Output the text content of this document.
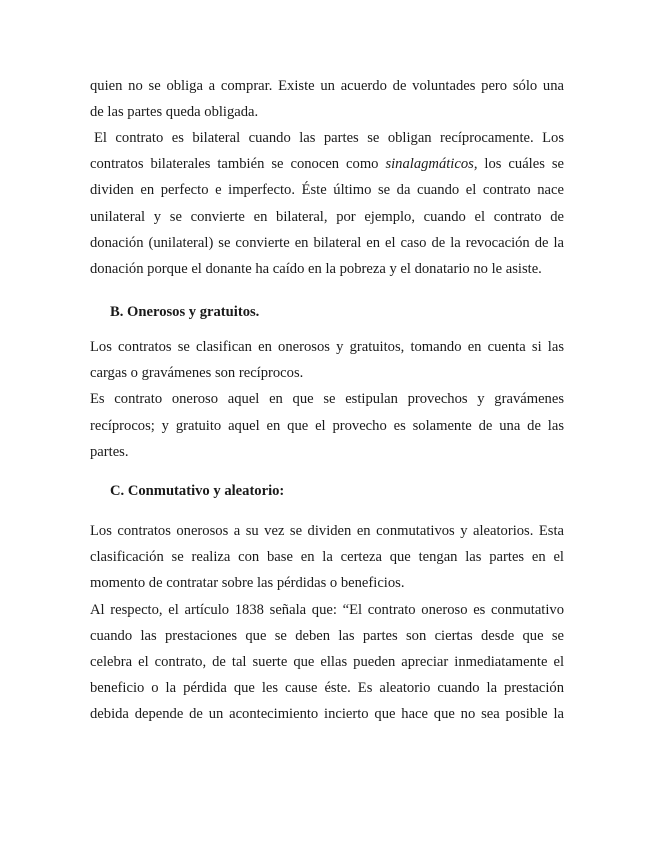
quien no se obliga a comprar. Existe un acuerdo de voluntades pero sólo una
de las partes queda obligada.
El contrato es bilateral cuando las partes se obligan recíprocamente. Los
contratos bilaterales también se conocen como sinalagmáticos, los cuáles se
dividen en perfecto e imperfecto. Éste último se da cuando el contrato nace
unilateral y se convierte en bilateral, por ejemplo, cuando el contrato de
donación (unilateral) se convierte en bilateral en el caso de la revocación de la
donación porque el donante ha caído en la pobreza y el donatario no le asiste.
B. Onerosos y gratuitos.
Los contratos se clasifican en onerosos y gratuitos, tomando en cuenta si las
cargas o gravámenes son recíprocos.
Es contrato oneroso aquel en que se estipulan provechos y gravámenes
recíprocos; y gratuito aquel en que el provecho es solamente de una de las
partes.
C. Conmutativo y aleatorio:
Los contratos onerosos a su vez se dividen en conmutativos y aleatorios. Esta
clasificación se realiza con base en la certeza que tengan las partes en el
momento de contratar sobre las pérdidas o beneficios.
Al respecto, el artículo 1838 señala que: “El contrato oneroso es conmutativo
cuando las prestaciones que se deben las partes son ciertas desde que se
celebra el contrato, de tal suerte que ellas pueden apreciar inmediatamente el
beneficio o la pérdida que les cause éste. Es aleatorio cuando la prestación
debida depende de un acontecimiento incierto que hace que no sea posible la
